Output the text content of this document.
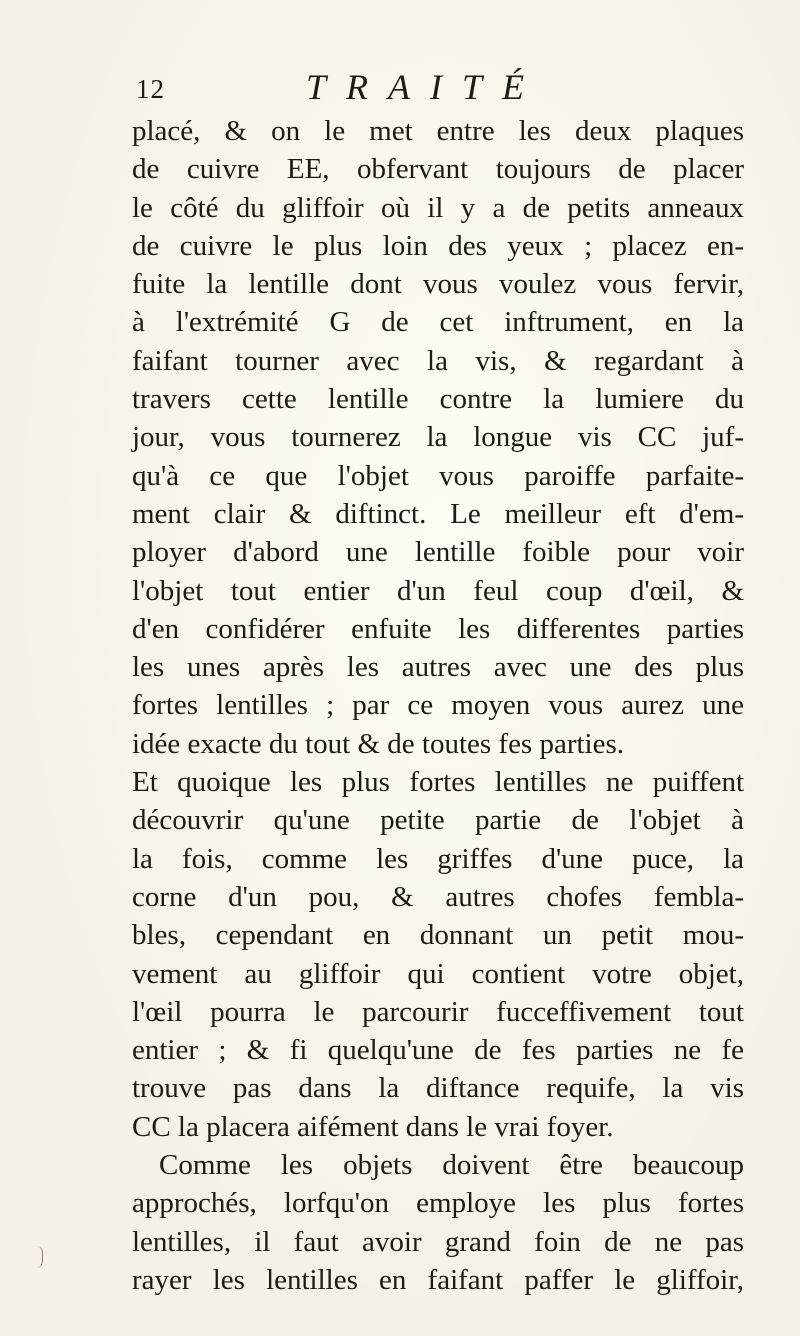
12	TRAITÉ
placé, & on le met entre les deux plaques
de cuivre EE, obfervant toujours de placer
le côté du gliffoir où il y a de petits anneaux
de cuivre le plus loin des yeux ; placez en-
fuite la lentille dont vous voulez vous fervir,
à l'extrémité G de cet inftrument, en la
faifant tourner avec la vis, & regardant à
travers cette lentille contre la lumiere du
jour, vous tournerez la longue vis CC juf-
qu'à ce que l'objet vous paroiffe parfaite-
ment clair & diftinct. Le meilleur eft d'em-
ployer d'abord une lentille foible pour voir
l'objet tout entier d'un feul coup d'œil, &
d'en confidérer enfuite les differentes parties
les unes après les autres avec une des plus
fortes lentilles ; par ce moyen vous aurez une
idée exacte du tout & de toutes fes parties.
Et quoique les plus fortes lentilles ne puiffent
découvrir qu'une petite partie de l'objet à
la fois, comme les griffes d'une puce, la
corne d'un pou, & autres chofes fembla-
bles, cependant en donnant un petit mou-
vement au gliffoir qui contient votre objet,
l'œil pourra le parcourir fucceffivement tout
entier ; & fi quelqu'une de fes parties ne fe
trouve pas dans la diftance requife, la vis
CC la placera aifément dans le vrai foyer.
Comme les objets doivent être beaucoup
approchés, lorfqu'on employe les plus fortes
lentilles, il faut avoir grand foin de ne pas
rayer les lentilles en faifant paffer le gliffoir,
